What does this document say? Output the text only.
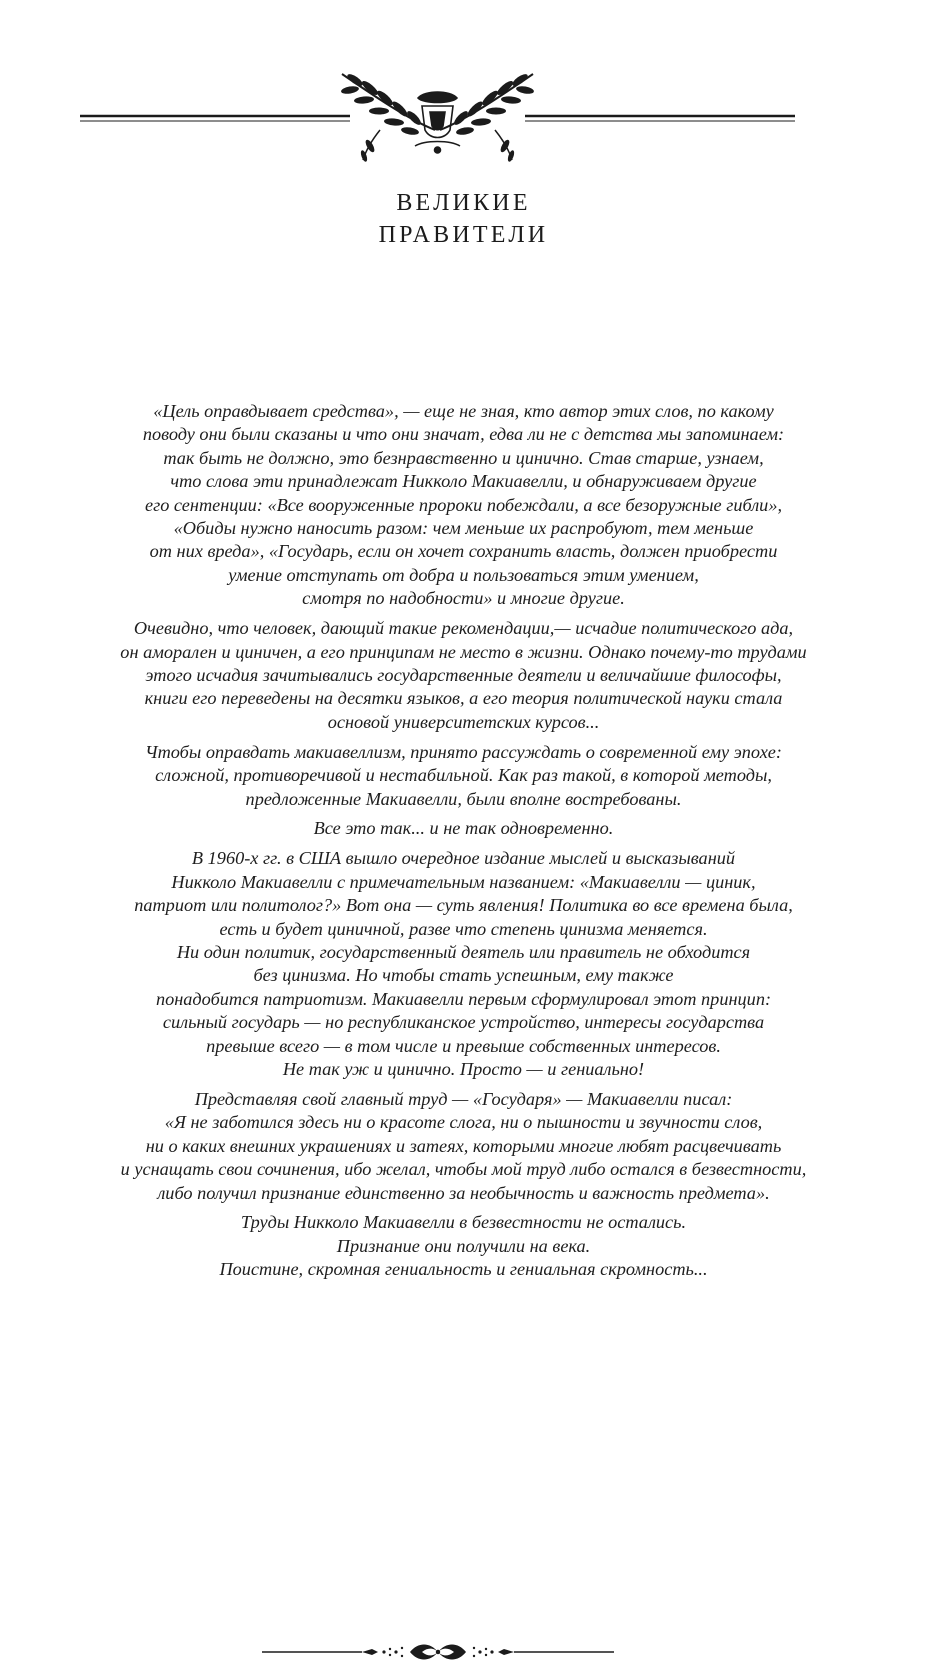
ВЕЛИКИЕ
ПРАВИТЕЛИ

«Цель оправдывает средства», — еще не зная, кто автор этих слов, по какому
поводу они были сказаны и что они значат, едва ли не с детства мы запоминаем:
так быть не должно, это безнравственно и цинично. Став старше, узнаем,
что слова эти принадлежат Никколо Макиавелли, и обнаруживаем другие
его сентенции: «Все вооруженные пророки побеждали, а все безоружные гибли»,
«Обиды нужно наносить разом: чем меньше их распробуют, тем меньше
от них вреда», «Государь, если он хочет сохранить власть, должен приобрести
умение отступать от добра и пользоваться этим умением,
смотря по надобности» и многие другие.

Очевидно, что человек, дающий такие рекомендации,— исчадие политического ада,
он аморален и циничен, а его принципам не место в жизни. Однако почему-то трудами
этого исчадия зачитывались государственные деятели и величайшие философы,
книги его переведены на десятки языков, а его теория политической науки стала
основой университетских курсов...

Чтобы оправдать макиавеллизм, принято рассуждать о современной ему эпохе:
сложной, противоречивой и нестабильной. Как раз такой, в которой методы,
предложенные Макиавелли, были вполне востребованы.

Все это так... и не так одновременно.

В 1960-х гг. в США вышло очередное издание мыслей и высказываний
Никколо Макиавелли с примечательным названием: «Макиавелли — циник,
патриот или политолог?» Вот она — суть явления! Политика во все времена была,
есть и будет циничной, разве что степень цинизма меняется.
Ни один политик, государственный деятель или правитель не обходится
без цинизма. Но чтобы стать успешным, ему также
понадобится патриотизм. Макиавелли первым сформулировал этот принцип:
сильный государь — но республиканское устройство, интересы государства
превыше всего — в том числе и превыше собственных интересов.
Не так уж и цинично. Просто — и гениально!

Представляя свой главный труд — «Государя» — Макиавелли писал:
«Я не заботился здесь ни о красоте слога, ни о пышности и звучности слов,
ни о каких внешних украшениях и затеях, которыми многие любят расцвечивать
и уснащать свои сочинения, ибо желал, чтобы мой труд либо остался в безвестности,
либо получил признание единственно за необычность и важность предмета».

Труды Никколо Макиавелли в безвестности не остались.
Признание они получили на века.
Поистине, скромная гениальность и гениальная скромность...
